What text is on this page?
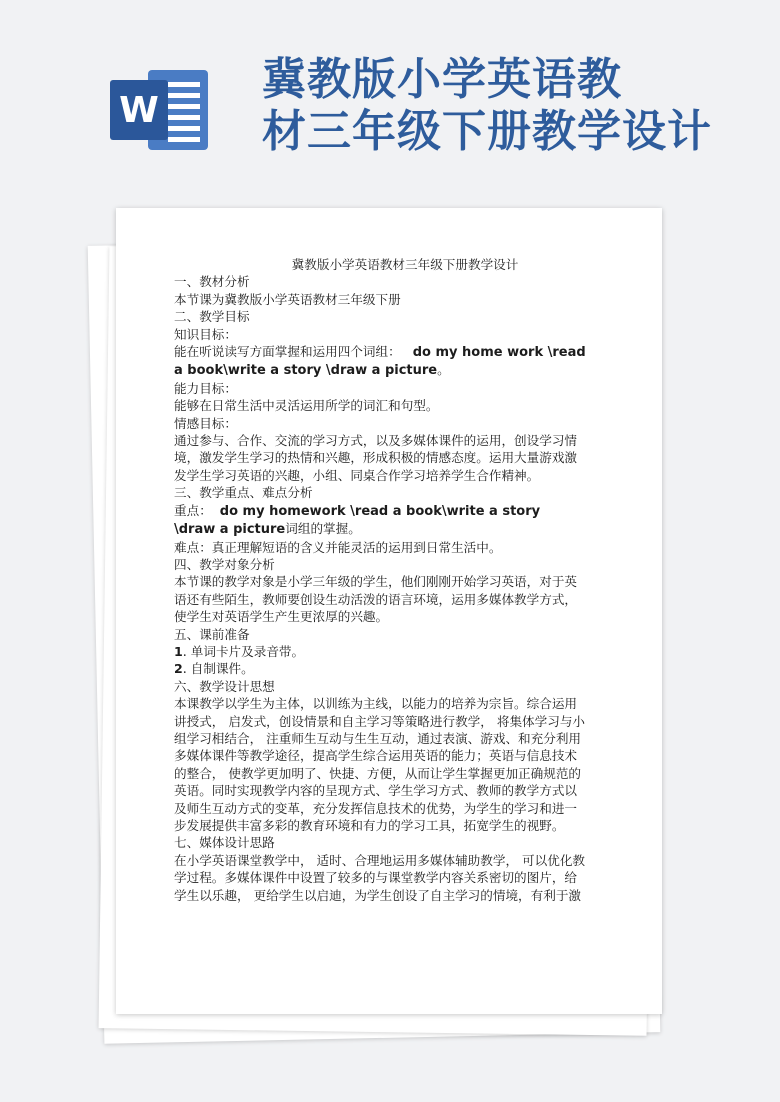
W
冀教版小学英语教
材三年级下册教学设计

冀教版小学英语教材三年级下册教学设计

一、教材分析

本节课为冀教版小学英语教材三年级下册

二、教学目标

知识目标：

能在听说读写方面掌握和运用四个词组： do my home work \read

a book\write a story \draw a picture。

能力目标：

能够在日常生活中灵活运用所学的词汇和句型。

情感目标：

通过参与、合作、交流的学习方式，以及多媒体课件的运用，创设学习情

境，激发学生学习的热情和兴趣，形成积极的情感态度。运用大量游戏激

发学生学习英语的兴趣，小组、同桌合作学习培养学生合作精神。

三、教学重点、难点分析

重点： do my homework \read a book\write a story

\draw a picture词组的掌握。

难点：真正理解短语的含义并能灵活的运用到日常生活中。

四、教学对象分析

本节课的教学对象是小学三年级的学生，他们刚刚开始学习英语，对于英

语还有些陌生，教师要创设生动活泼的语言环境，运用多媒体教学方式，

使学生对英语学生产生更浓厚的兴趣。

五、课前准备

1. 单词卡片及录音带。

2. 自制课件。

六、教学设计思想

本课教学以学生为主体，以训练为主线，以能力的培养为宗旨。综合运用

讲授式， 启发式，创设情景和自主学习等策略进行教学， 将集体学习与小

组学习相结合， 注重师生互动与生生互动，通过表演、游戏、和充分利用

多媒体课件等教学途径，提高学生综合运用英语的能力；英语与信息技术

的整合， 使教学更加明了、快捷、方便，从而让学生掌握更加正确规范的

英语。同时实现教学内容的呈现方式、学生学习方式、教师的教学方式以

及师生互动方式的变革，充分发挥信息技术的优势，为学生的学习和进一

步发展提供丰富多彩的教育环境和有力的学习工具，拓宽学生的视野。

七、媒体设计思路

在小学英语课堂教学中， 适时、合理地运用多媒体辅助教学， 可以优化教

学过程。多媒体课件中设置了较多的与课堂教学内容关系密切的图片，给

学生以乐趣， 更给学生以启迪，为学生创设了自主学习的情境，有利于激
